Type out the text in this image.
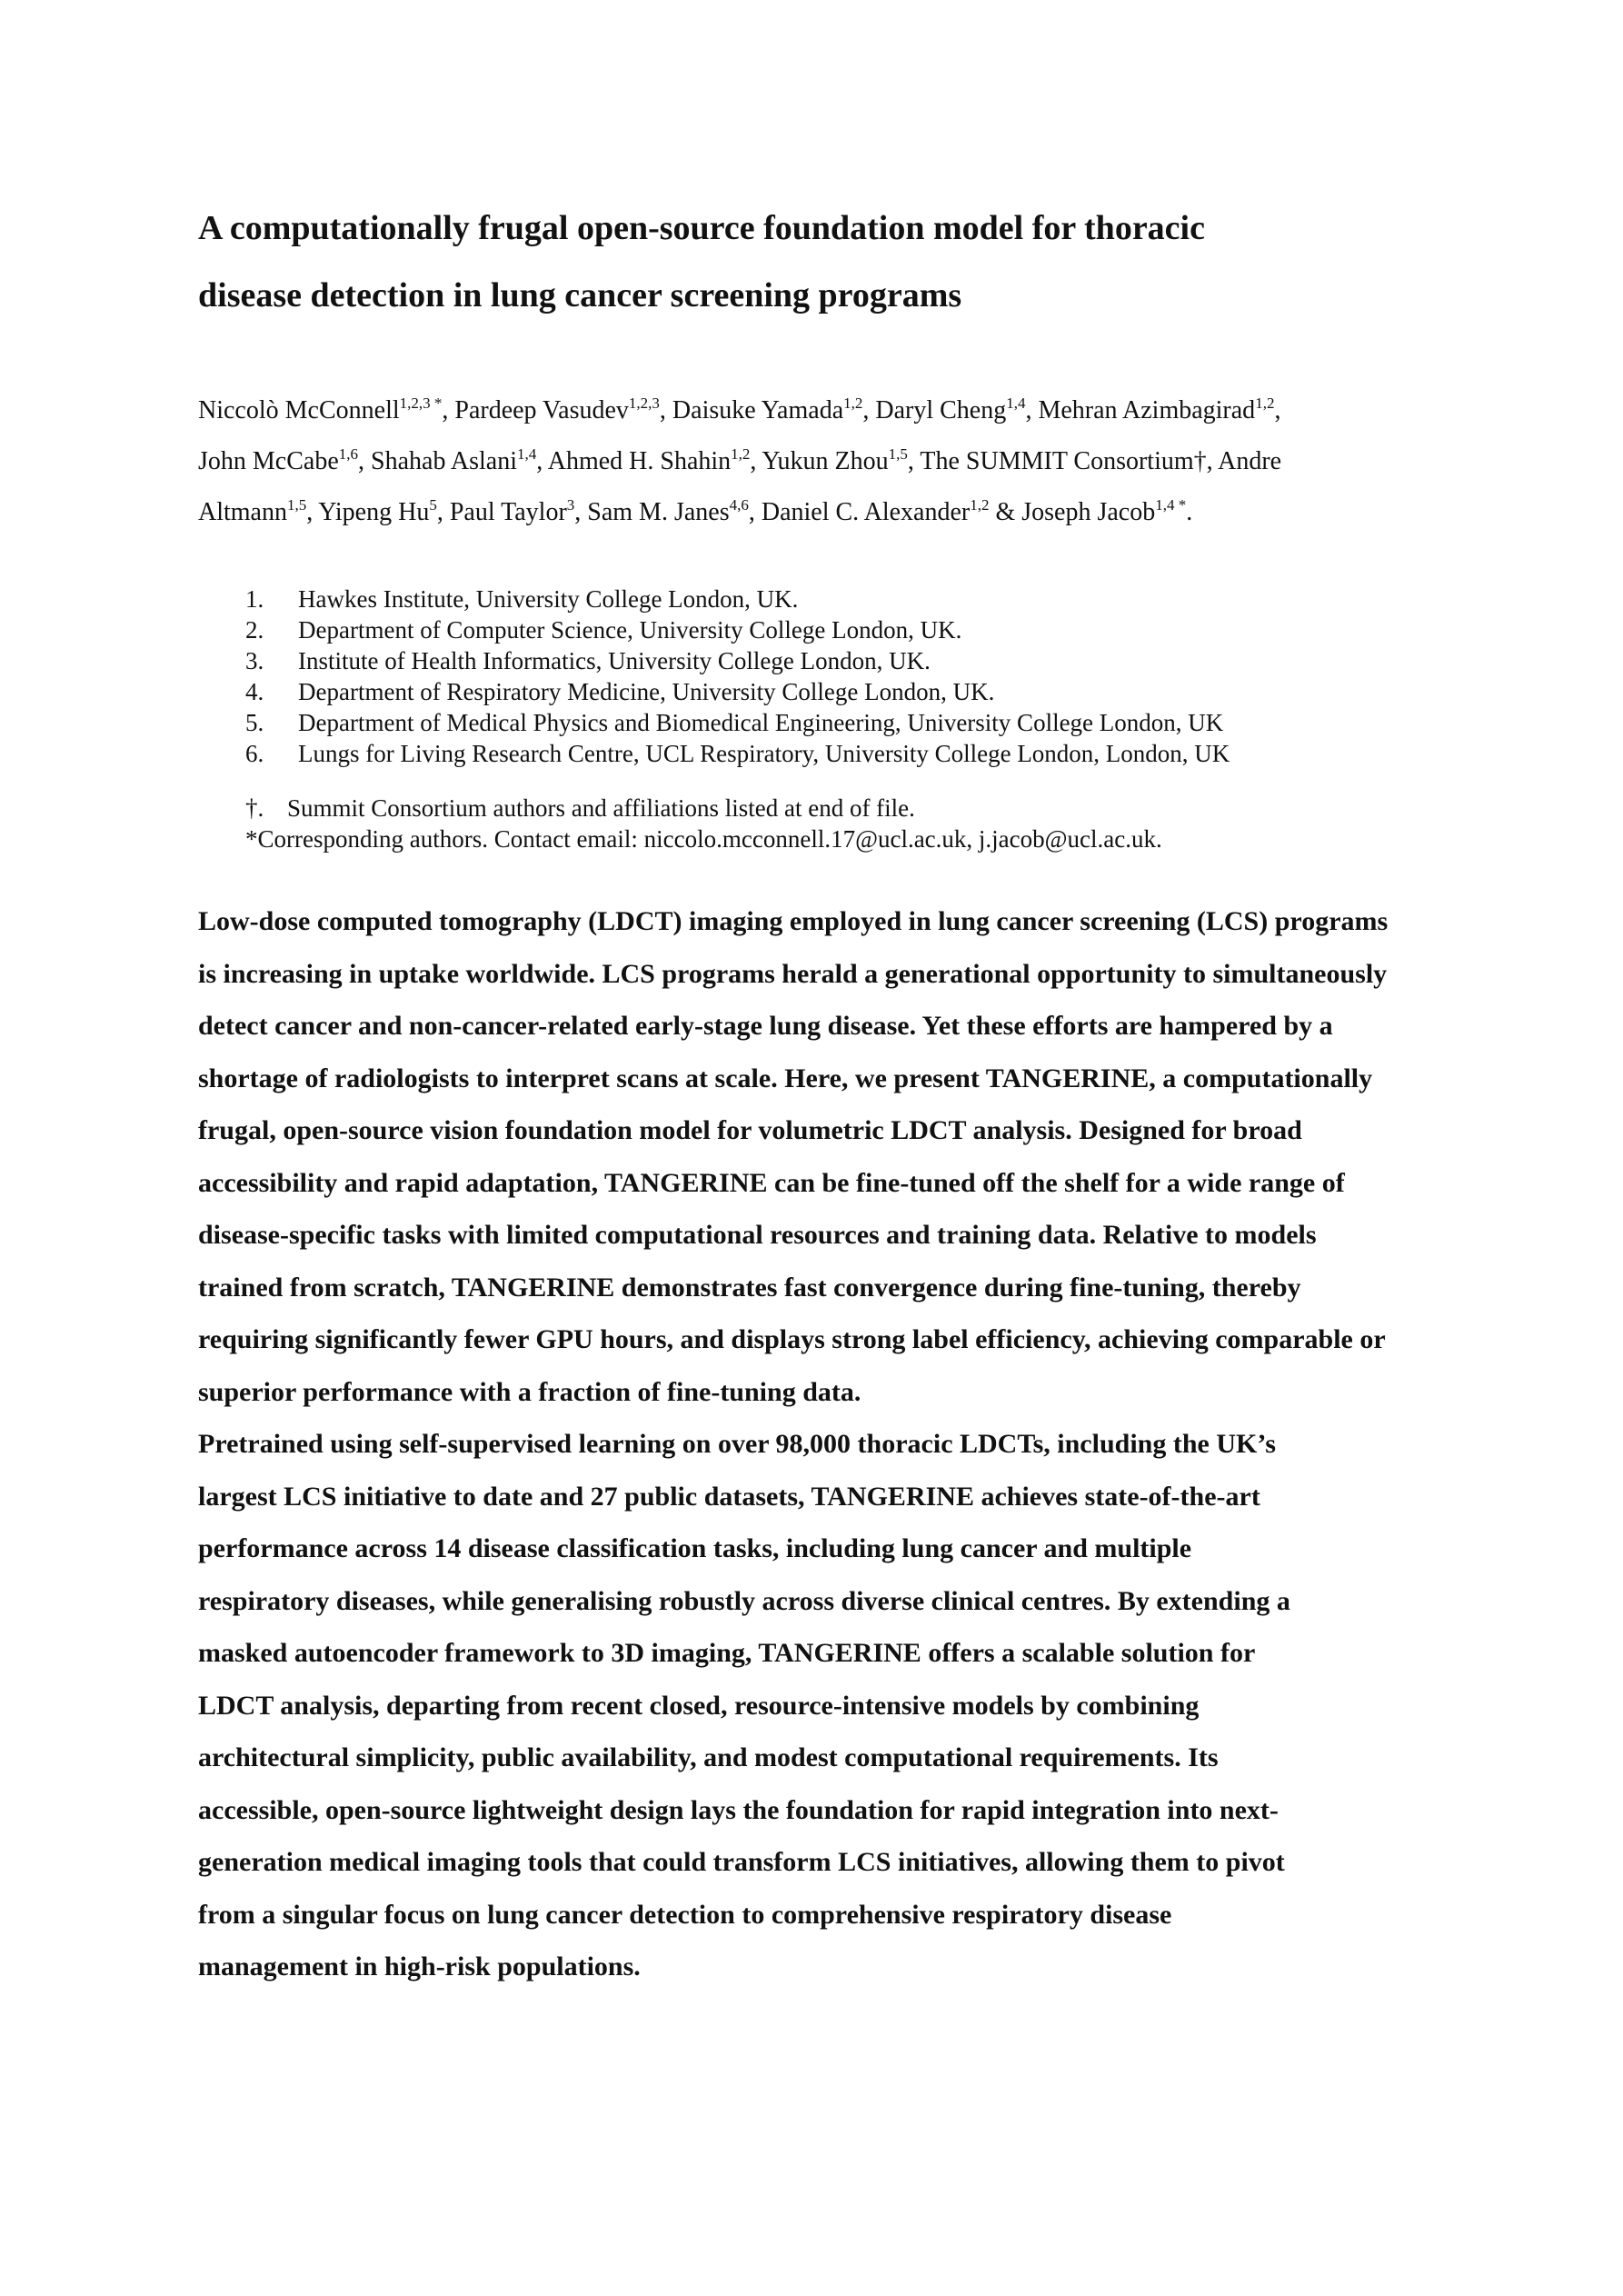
A computationally frugal open-source foundation model for thoracic
disease detection in lung cancer screening programs
Niccolò McConnell$^{1,2,3 *}$, Pardeep Vasudev$^{1,2,3}$, Daisuke Yamada$^{1,2}$, Daryl Cheng$^{1,4}$, Mehran Azimbagirad$^{1,2}$,
John McCabe$^{1,6}$, Shahab Aslani$^{1,4}$, Ahmed H. Shahin$^{1,2}$, Yukun Zhou$^{1,5}$, The SUMMIT Consortium†, Andre
Altmann$^{1,5}$, Yipeng Hu$^5$, Paul Taylor$^3$, Sam M. Janes$^{4,6}$, Daniel C. Alexander$^{1,2}$ & Joseph Jacob$^{1,4 *}$.
1.	Hawkes Institute, University College London, UK.
2.	Department of Computer Science, University College London, UK.
3.	Institute of Health Informatics, University College London, UK.
4.	Department of Respiratory Medicine, University College London, UK.
5.	Department of Medical Physics and Biomedical Engineering, University College London, UK
6.	Lungs for Living Research Centre, UCL Respiratory, University College London, London, UK
†. Summit Consortium authors and affiliations listed at end of file.
*Corresponding authors. Contact email: niccolo.mcconnell.17@ucl.ac.uk, j.jacob@ucl.ac.uk.
Low-dose computed tomography (LDCT) imaging employed in lung cancer screening (LCS) programs
is increasing in uptake worldwide. LCS programs herald a generational opportunity to simultaneously
detect cancer and non-cancer-related early-stage lung disease. Yet these efforts are hampered by a
shortage of radiologists to interpret scans at scale. Here, we present TANGERINE, a computationally
frugal, open-source vision foundation model for volumetric LDCT analysis. Designed for broad
accessibility and rapid adaptation, TANGERINE can be fine-tuned off the shelf for a wide range of
disease-specific tasks with limited computational resources and training data. Relative to models
trained from scratch, TANGERINE demonstrates fast convergence during fine-tuning, thereby
requiring significantly fewer GPU hours, and displays strong label efficiency, achieving comparable or
superior performance with a fraction of fine-tuning data.
Pretrained using self-supervised learning on over 98,000 thoracic LDCTs, including the UK’s
largest LCS initiative to date and 27 public datasets, TANGERINE achieves state-of-the-art
performance across 14 disease classification tasks, including lung cancer and multiple
respiratory diseases, while generalising robustly across diverse clinical centres. By extending a
masked autoencoder framework to 3D imaging, TANGERINE offers a scalable solution for
LDCT analysis, departing from recent closed, resource-intensive models by combining
architectural simplicity, public availability, and modest computational requirements. Its
accessible, open-source lightweight design lays the foundation for rapid integration into next-
generation medical imaging tools that could transform LCS initiatives, allowing them to pivot
from a singular focus on lung cancer detection to comprehensive respiratory disease
management in high-risk populations.
